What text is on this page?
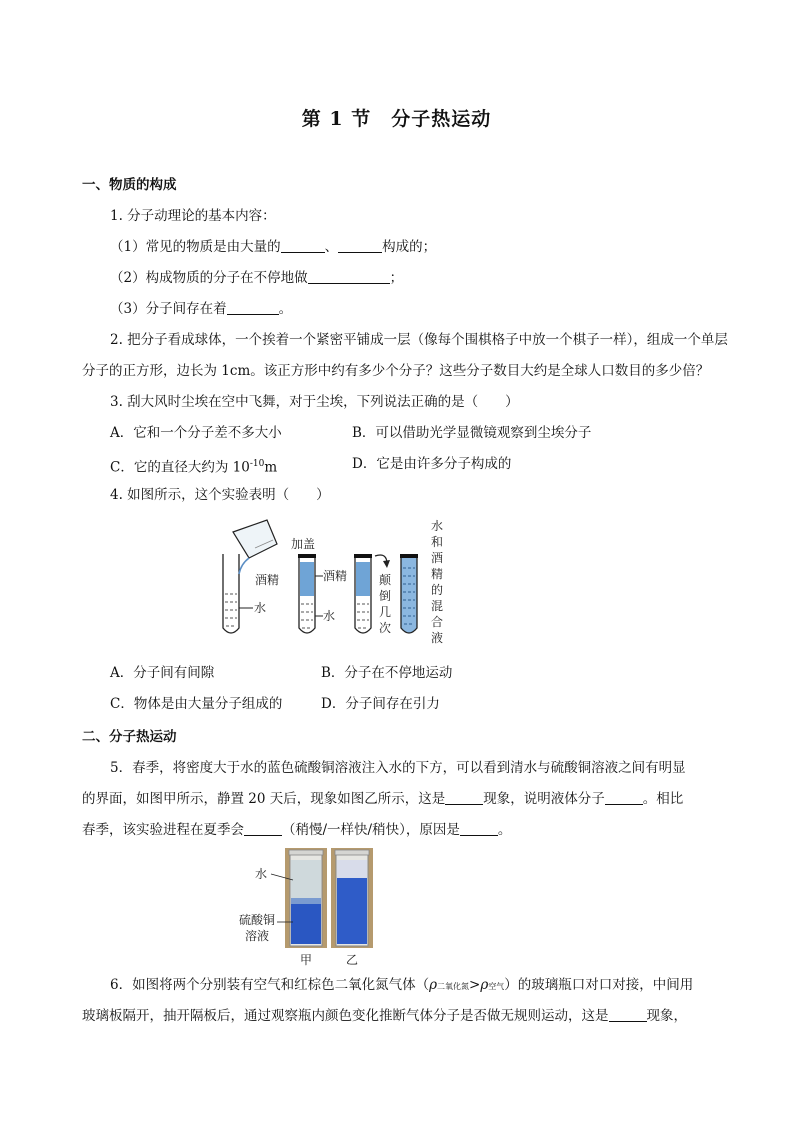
第 1 节　分子热运动
一、物质的构成
1. 分子动理论的基本内容：
（1）常见的物质是由大量的	、	构成的；
（2）构成物质的分子在不停地做	；
（3）分子间存在着	。
2. 把分子看成球体，一个挨着一个紧密平铺成一层（像每个围棋格子中放一个棋子一样），组成一个单层
分子的正方形，边长为 1cm。该正方形中约有多少个分子？这些分子数目大约是全球人口数目的多少倍？
3. 刮大风时尘埃在空中飞舞，对于尘埃，下列说法正确的是（　　）
A．它和一个分子差不多大小	B．可以借助光学显微镜观察到尘埃分子
C．它的直径大约为 $10^{-10}m$	D．它是由许多分子构成的
4. 如图所示，这个实验表明（　　）
水
酒精
加盖
酒精
水
颠
倒
几
次
水
和
酒
精
的
混
合
液
A．分子间有间隙	B．分子在不停地运动
C．物体是由大量分子组成的	D．分子间存在引力
二、分子热运动
5．春季，将密度大于水的蓝色硫酸铜溶液注入水的下方，可以看到清水与硫酸铜溶液之间有明显
的界面，如图甲所示，静置 20 天后，现象如图乙所示，这是	现象，说明液体分子	。相比
春季，该实验进程在夏季会	（稍慢/一样快/稍快），原因是	。
水
硫酸铜
溶液
甲	乙
6．如图将两个分别装有空气和红棕色二氧化氮气体（ρ二氧化氮>ρ空气）的玻璃瓶口对口对接，中间用
玻璃板隔开，抽开隔板后，通过观察瓶内颜色变化推断气体分子是否做无规则运动，这是	现象，
